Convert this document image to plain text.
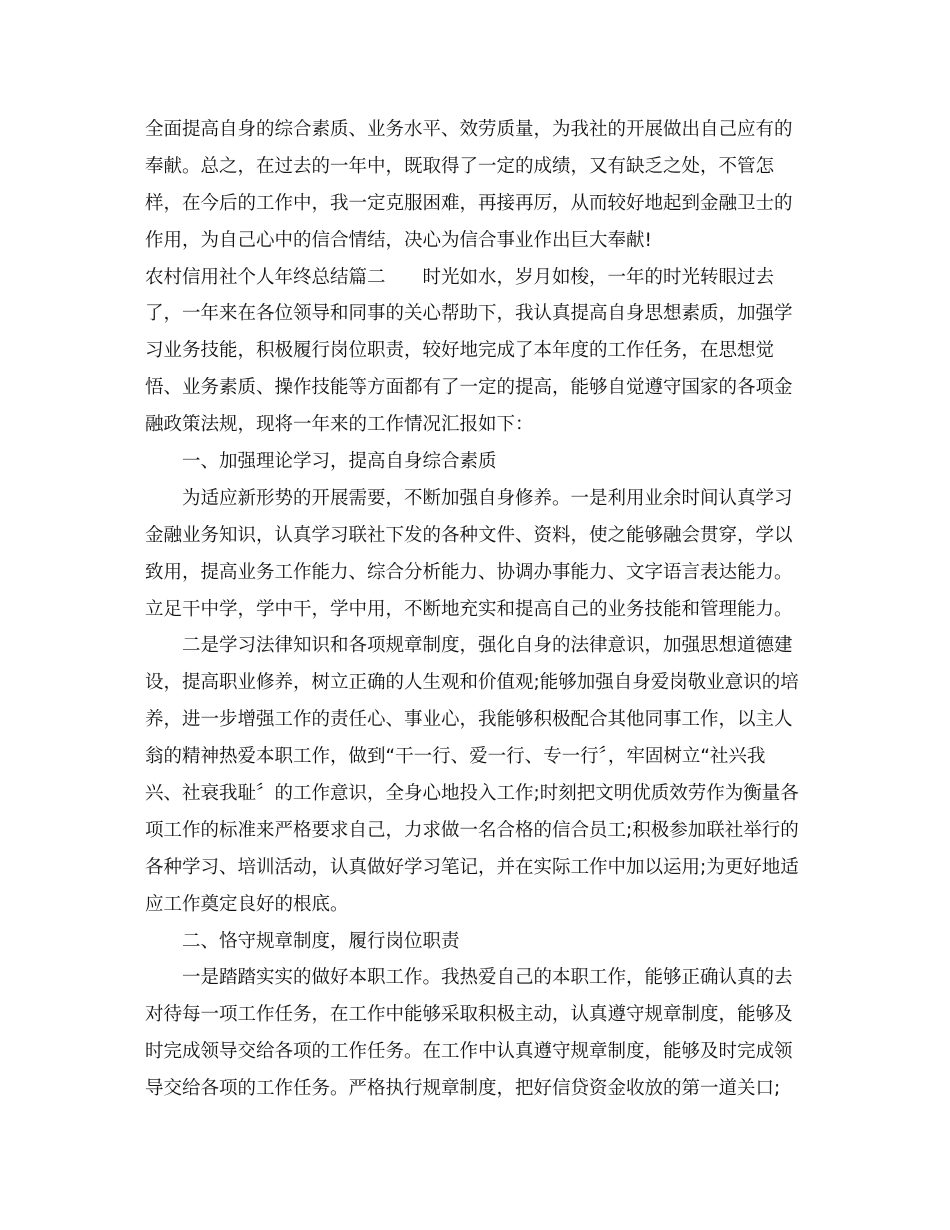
全面提高自身的综合素质、业务水平、效劳质量，为我社的开展做出自己应有的
奉献。总之，在过去的一年中，既取得了一定的成绩，又有缺乏之处，不管怎
样，在今后的工作中，我一定克服困难，再接再厉，从而较好地起到金融卫士的
作用，为自己心中的信合情结，决心为信合事业作出巨大奉献!
农村信用社个人年终总结篇二　　时光如水，岁月如梭，一年的时光转眼过去
了，一年来在各位领导和同事的关心帮助下，我认真提高自身思想素质，加强学
习业务技能，积极履行岗位职责，较好地完成了本年度的工作任务，在思想觉
悟、业务素质、操作技能等方面都有了一定的提高，能够自觉遵守国家的各项金
融政策法规，现将一年来的工作情况汇报如下：
一、加强理论学习，提高自身综合素质
为适应新形势的开展需要，不断加强自身修养。一是利用业余时间认真学习
金融业务知识，认真学习联社下发的各种文件、资料，使之能够融会贯穿，学以
致用，提高业务工作能力、综合分析能力、协调办事能力、文字语言表达能力。
立足干中学，学中干，学中用，不断地充实和提高自己的业务技能和管理能力。
二是学习法律知识和各项规章制度，强化自身的法律意识，加强思想道德建
设，提高职业修养，树立正确的人生观和价值观;能够加强自身爱岗敬业意识的培
养，进一步增强工作的责任心、事业心，我能够积极配合其他同事工作，以主人
翁的精神热爱本职工作，做到“干一行、爱一行、专一行〞，牢固树立“社兴我
兴、社衰我耻〞的工作意识，全身心地投入工作;时刻把文明优质效劳作为衡量各
项工作的标准来严格要求自己，力求做一名合格的信合员工;积极参加联社举行的
各种学习、培训活动，认真做好学习笔记，并在实际工作中加以运用;为更好地适
应工作奠定良好的根底。
二、恪守规章制度，履行岗位职责
一是踏踏实实的做好本职工作。我热爱自己的本职工作，能够正确认真的去
对待每一项工作任务，在工作中能够采取积极主动，认真遵守规章制度，能够及
时完成领导交给各项的工作任务。在工作中认真遵守规章制度，能够及时完成领
导交给各项的工作任务。严格执行规章制度，把好信贷资金收放的第一道关口;
